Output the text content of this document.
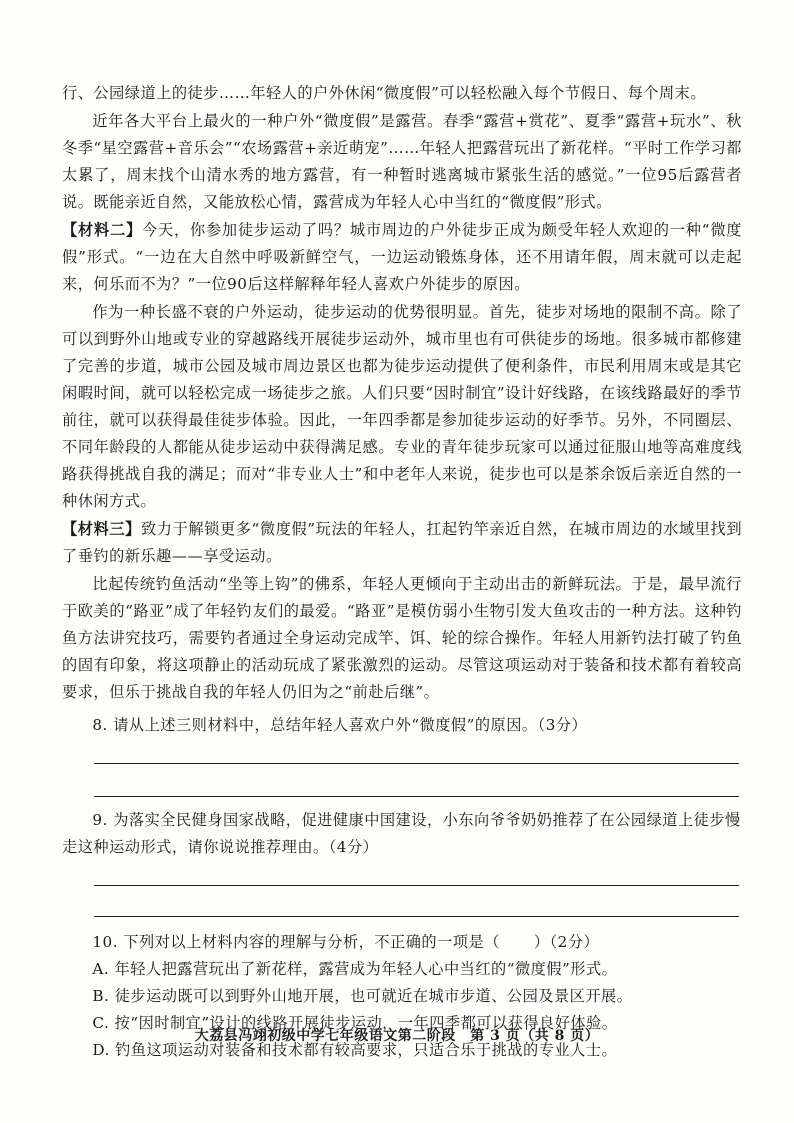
行、公园绿道上的徒步……年轻人的户外休闲“微度假”可以轻松融入每个节假日、每个周末。

近年各大平台上最火的一种户外“微度假”是露营。春季“露营+赏花”、夏季“露营+玩水”、秋冬季“星空露营+音乐会”“农场露营+亲近萌宠”……年轻人把露营玩出了新花样。“平时工作学习都太累了，周末找个山清水秀的地方露营，有一种暂时逃离城市紧张生活的感觉。”一位95后露营者说。既能亲近自然，又能放松心情，露营成为年轻人心中当红的“微度假”形式。

【材料二】今天，你参加徒步运动了吗？城市周边的户外徒步正成为颇受年轻人欢迎的一种“微度假”形式。“一边在大自然中呼吸新鲜空气，一边运动锻炼身体，还不用请年假，周末就可以走起来，何乐而不为？”一位90后这样解释年轻人喜欢户外徒步的原因。

作为一种长盛不衰的户外运动，徒步运动的优势很明显。首先，徒步对场地的限制不高。除了可以到野外山地或专业的穿越路线开展徒步运动外，城市里也有可供徒步的场地。很多城市都修建了完善的步道，城市公园及城市周边景区也都为徒步运动提供了便利条件，市民利用周末或是其它闲暇时间，就可以轻松完成一场徒步之旅。人们只要“因时制宜”设计好线路，在该线路最好的季节前往，就可以获得最佳徒步体验。因此，一年四季都是参加徒步运动的好季节。另外，不同圈层、不同年龄段的人都能从徒步运动中获得满足感。专业的青年徒步玩家可以通过征服山地等高难度线路获得挑战自我的满足；而对“非专业人士”和中老年人来说，徒步也可以是茶余饭后亲近自然的一种休闲方式。

【材料三】致力于解锁更多“微度假”玩法的年轻人，扛起钓竿亲近自然，在城市周边的水域里找到了垂钓的新乐趣——享受运动。

比起传统钓鱼活动“坐等上钩”的佛系，年轻人更倾向于主动出击的新鲜玩法。于是，最早流行于欧美的“路亚”成了年轻钓友们的最爱。“路亚”是模仿弱小生物引发大鱼攻击的一种方法。这种钓鱼方法讲究技巧，需要钓者通过全身运动完成竿、饵、轮的综合操作。年轻人用新钓法打破了钓鱼的固有印象，将这项静止的活动玩成了紧张激烈的运动。尽管这项运动对于装备和技术都有着较高要求，但乐于挑战自我的年轻人仍旧为之“前赴后继”。

8. 请从上述三则材料中，总结年轻人喜欢户外“微度假”的原因。（3分）

9. 为落实全民健身国家战略，促进健康中国建设，小东向爷爷奶奶推荐了在公园绿道上徒步慢走这种运动形式，请你说说推荐理由。（4分）

10. 下列对以上材料内容的理解与分析，不正确的一项是（ ）（2分）

A. 年轻人把露营玩出了新花样，露营成为年轻人心中当红的“微度假”形式。

B. 徒步运动既可以到野外山地开展，也可就近在城市步道、公园及景区开展。

C. 按“因时制宜”设计的线路开展徒步运动，一年四季都可以获得良好体验。

D. 钓鱼这项运动对装备和技术都有较高要求，只适合乐于挑战的专业人士。

大荔县冯翊初级中学七年级语文第二阶段　第 3 页（共 8 页）
